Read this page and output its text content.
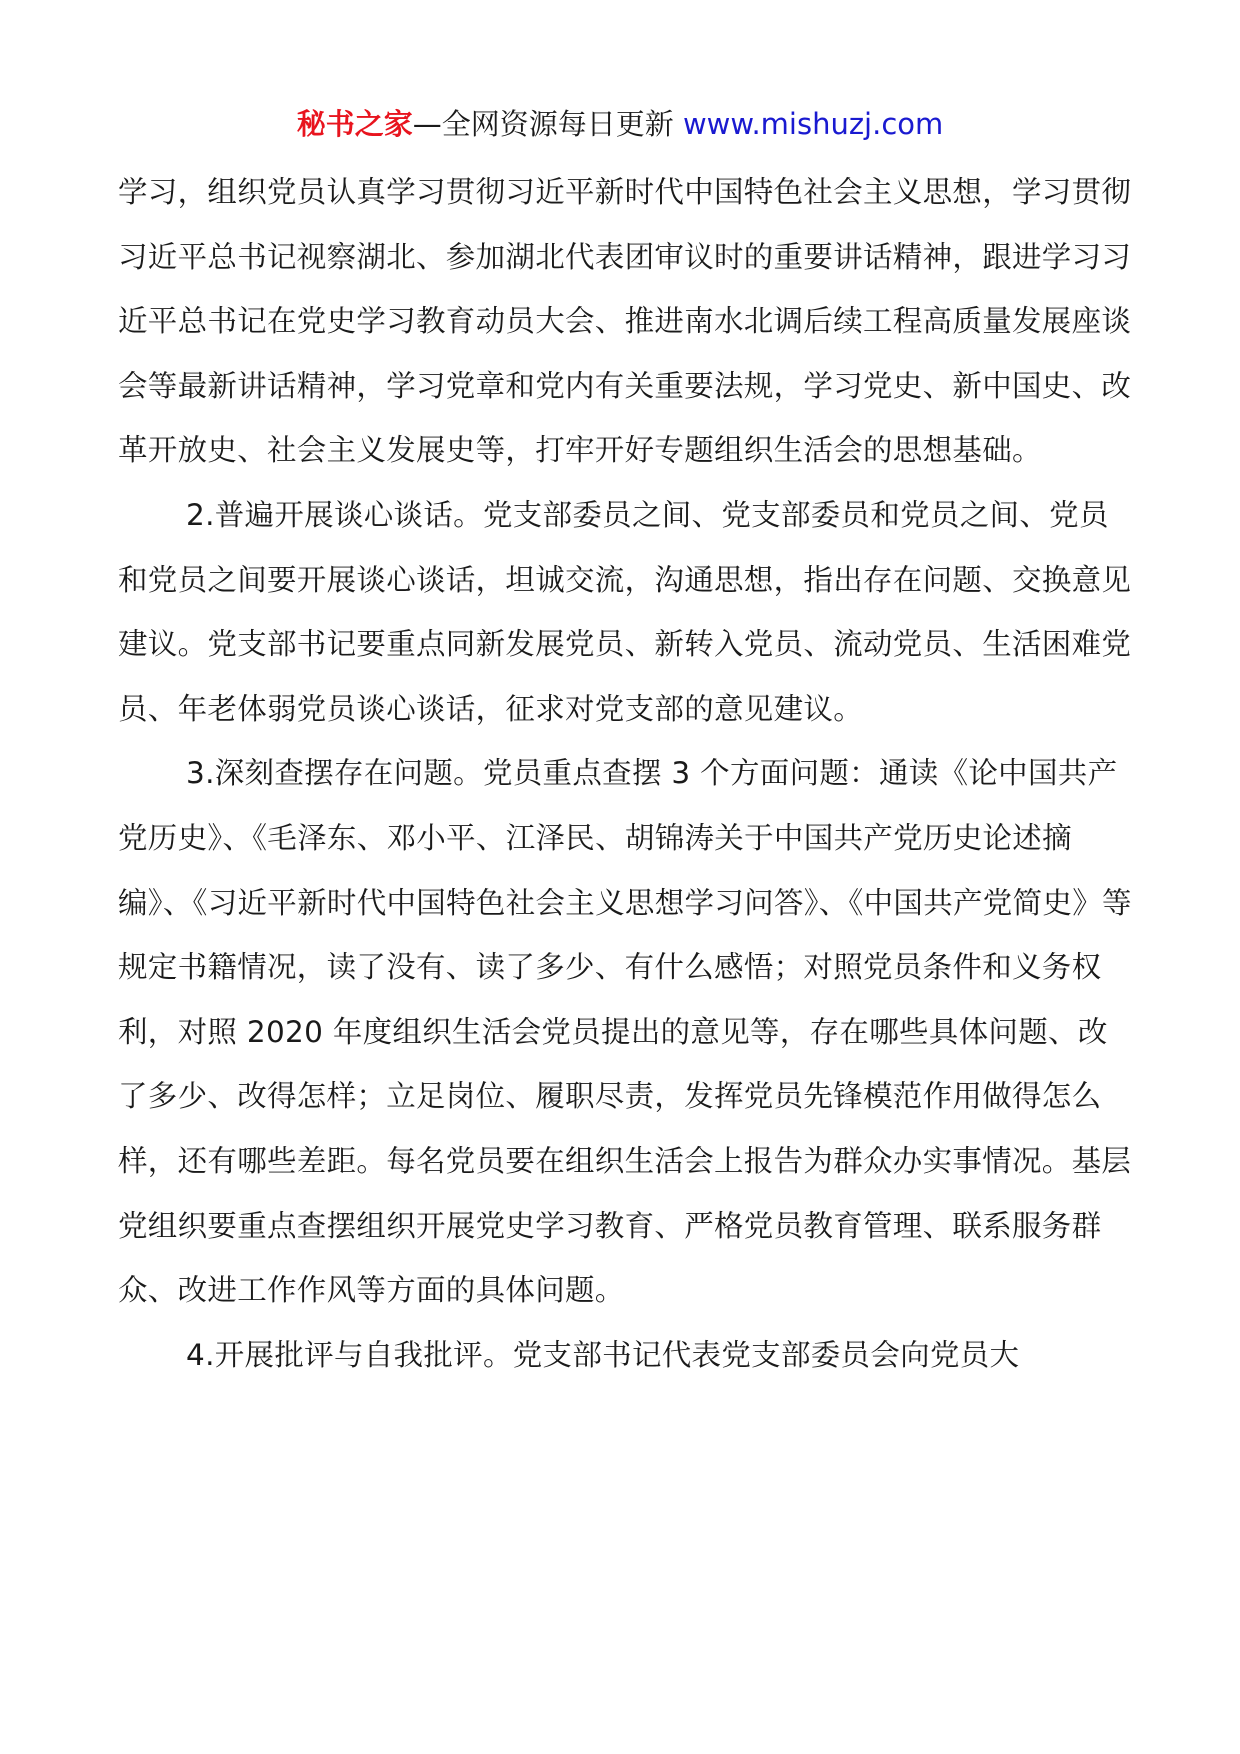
秘书之家—全网资源每日更新 www.mishuzj.com

学习，组织党员认真学习贯彻习近平新时代中国特色社会主义思想，学习贯彻习近平总书记视察湖北、参加湖北代表团审议时的重要讲话精神，跟进学习习近平总书记在党史学习教育动员大会、推进南水北调后续工程高质量发展座谈会等最新讲话精神，学习党章和党内有关重要法规，学习党史、新中国史、改革开放史、社会主义发展史等，打牢开好专题组织生活会的思想基础。

2.普遍开展谈心谈话。党支部委员之间、党支部委员和党员之间、党员和党员之间要开展谈心谈话，坦诚交流，沟通思想，指出存在问题、交换意见建议。党支部书记要重点同新发展党员、新转入党员、流动党员、生活困难党员、年老体弱党员谈心谈话，征求对党支部的意见建议。

3.深刻查摆存在问题。党员重点查摆 3 个方面问题：通读《论中国共产党历史》、《毛泽东、邓小平、江泽民、胡锦涛关于中国共产党历史论述摘编》、《习近平新时代中国特色社会主义思想学习问答》、《中国共产党简史》等规定书籍情况，读了没有、读了多少、有什么感悟；对照党员条件和义务权利，对照 2020 年度组织生活会党员提出的意见等，存在哪些具体问题、改了多少、改得怎样；立足岗位、履职尽责，发挥党员先锋模范作用做得怎么样，还有哪些差距。每名党员要在组织生活会上报告为群众办实事情况。基层党组织要重点查摆组织开展党史学习教育、严格党员教育管理、联系服务群众、改进工作作风等方面的具体问题。

4.开展批评与自我批评。党支部书记代表党支部委员会向党员大
